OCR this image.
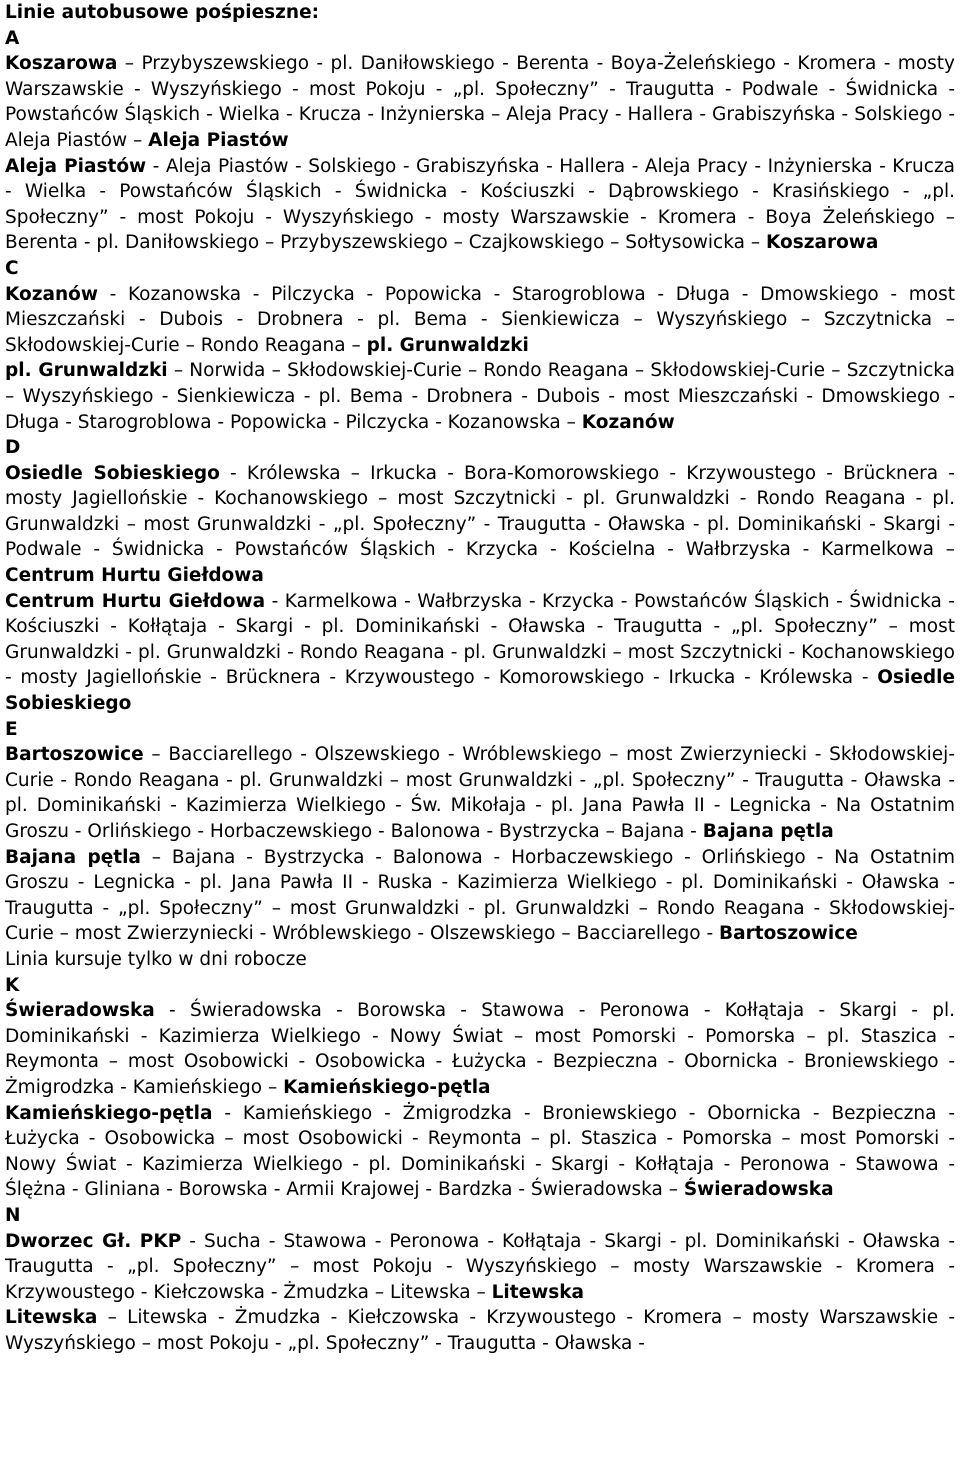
Linie autobusowe pośpieszne:
A

Koszarowa – Przybyszewskiego - pl. Daniłowskiego - Berenta - Boya-Żeleńskiego - Kromera - mosty Warszawskie - Wyszyńskiego - most Pokoju - „pl. Społeczny” - Traugutta - Podwale - Świdnicka - Powstańców Śląskich - Wielka - Krucza - Inżynierska – Aleja Pracy - Hallera - Grabiszyńska - Solskiego - Aleja Piastów – Aleja Piastów

Aleja Piastów - Aleja Piastów - Solskiego - Grabiszyńska - Hallera - Aleja Pracy - Inżynierska - Krucza - Wielka - Powstańców Śląskich - Świdnicka - Kościuszki - Dąbrowskiego - Krasińskiego - „pl. Społeczny” - most Pokoju - Wyszyńskiego - mosty Warszawskie - Kromera - Boya Żeleńskiego – Berenta - pl. Daniłowskiego – Przybyszewskiego – Czajkowskiego – Sołtysowicka – Koszarowa

C

Kozanów - Kozanowska - Pilczycka - Popowicka - Starogroblowa - Długa - Dmowskiego - most Mieszczański - Dubois - Drobnera - pl. Bema - Sienkiewicza – Wyszyńskiego – Szczytnicka – Skłodowskiej-Curie – Rondo Reagana – pl. Grunwaldzki

pl. Grunwaldzki – Norwida – Skłodowskiej-Curie – Rondo Reagana – Skłodowskiej-Curie – Szczytnicka – Wyszyńskiego - Sienkiewicza - pl. Bema - Drobnera - Dubois - most Mieszczański - Dmowskiego - Długa - Starogroblowa - Popowicka - Pilczycka - Kozanowska – Kozanów

D

Osiedle Sobieskiego - Królewska – Irkucka - Bora-Komorowskiego - Krzywoustego - Brücknera - mosty Jagiellońskie - Kochanowskiego – most Szczytnicki - pl. Grunwaldzki - Rondo Reagana - pl. Grunwaldzki – most Grunwaldzki - „pl. Społeczny” - Traugutta - Oławska - pl. Dominikański - Skargi - Podwale - Świdnicka - Powstańców Śląskich - Krzycka - Kościelna - Wałbrzyska - Karmelkowa – Centrum Hurtu Giełdowa

Centrum Hurtu Giełdowa - Karmelkowa - Wałbrzyska - Krzycka - Powstańców Śląskich - Świdnicka - Kościuszki - Kołłątaja - Skargi - pl. Dominikański - Oławska - Traugutta - „pl. Społeczny” – most Grunwaldzki - pl. Grunwaldzki - Rondo Reagana - pl. Grunwaldzki – most Szczytnicki - Kochanowskiego - mosty Jagiellońskie - Brücknera - Krzywoustego - Komorowskiego - Irkucka - Królewska - Osiedle Sobieskiego

E

Bartoszowice – Bacciarellego - Olszewskiego - Wróblewskiego – most Zwierzyniecki - Skłodowskiej-Curie - Rondo Reagana - pl. Grunwaldzki – most Grunwaldzki - „pl. Społeczny” - Traugutta - Oławska - pl. Dominikański - Kazimierza Wielkiego - Św. Mikołaja - pl. Jana Pawła II - Legnicka - Na Ostatnim Groszu - Orlińskiego - Horbaczewskiego - Balonowa - Bystrzycka – Bajana - Bajana pętla

Bajana pętla – Bajana - Bystrzycka - Balonowa - Horbaczewskiego - Orlińskiego - Na Ostatnim Groszu - Legnicka - pl. Jana Pawła II - Ruska - Kazimierza Wielkiego - pl. Dominikański - Oławska - Traugutta - „pl. Społeczny” – most Grunwaldzki - pl. Grunwaldzki – Rondo Reagana - Skłodowskiej-Curie – most Zwierzyniecki - Wróblewskiego - Olszewskiego – Bacciarellego - Bartoszowice

Linia kursuje tylko w dni robocze
K

Świeradowska - Świeradowska - Borowska - Stawowa - Peronowa - Kołłątaja - Skargi - pl. Dominikański - Kazimierza Wielkiego - Nowy Świat – most Pomorski - Pomorska – pl. Staszica - Reymonta – most Osobowicki - Osobowicka - Łużycka - Bezpieczna - Obornicka - Broniewskiego - Żmigrodzka - Kamieńskiego – Kamieńskiego-pętla

Kamieńskiego-pętla - Kamieńskiego - Żmigrodzka - Broniewskiego - Obornicka - Bezpieczna - Łużycka - Osobowicka – most Osobowicki - Reymonta – pl. Staszica - Pomorska – most Pomorski - Nowy Świat - Kazimierza Wielkiego - pl. Dominikański - Skargi - Kołłątaja - Peronowa - Stawowa - Ślężna - Gliniana - Borowska - Armii Krajowej - Bardzka - Świeradowska – Świeradowska

N

Dworzec Gł. PKP - Sucha - Stawowa - Peronowa - Kołłątaja - Skargi - pl. Dominikański - Oławska - Traugutta - „pl. Społeczny” – most Pokoju - Wyszyńskiego – mosty Warszawskie - Kromera - Krzywoustego - Kiełczowska - Żmudzka – Litewska – Litewska

Litewska – Litewska - Żmudzka - Kiełczowska - Krzywoustego - Kromera – mosty Warszawskie - Wyszyńskiego – most Pokoju - „pl. Społeczny” - Traugutta - Oławska -
